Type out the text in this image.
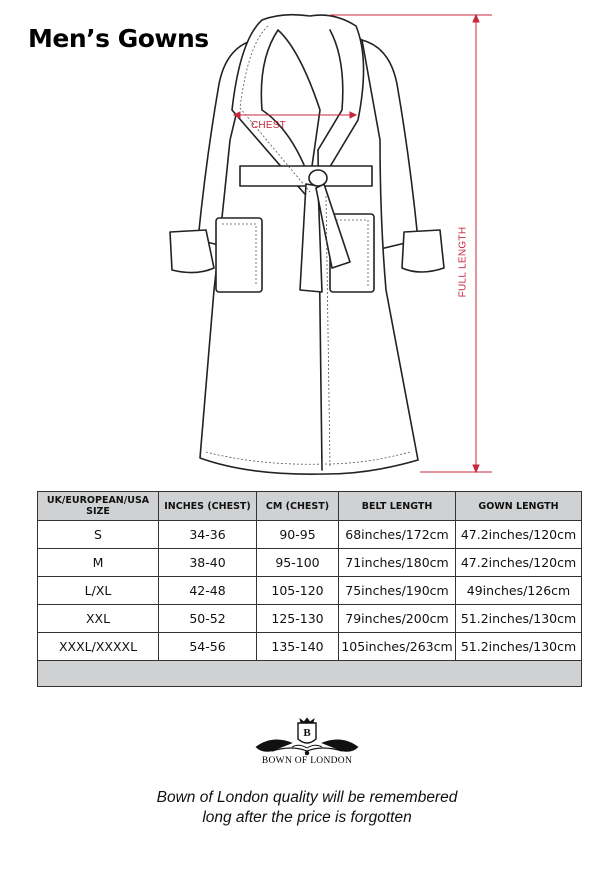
Men’s Gowns
CHEST
FULL LENGTH
UK/EUROPEAN/USA SIZE	INCHES (CHEST)	CM (CHEST)	BELT LENGTH	GOWN LENGTH
S	34-36	90-95	68inches/172cm	47.2inches/120cm
M	38-40	95-100	71inches/180cm	47.2inches/120cm
L/XL	42-48	105-120	75inches/190cm	49inches/126cm
XXL	50-52	125-130	79inches/200cm	51.2inches/130cm
XXXL/XXXXL	54-56	135-140	105inches/263cm	51.2inches/130cm

B
BOWN OF LONDON
Bown of London quality will be remembered
long after the price is forgotten
